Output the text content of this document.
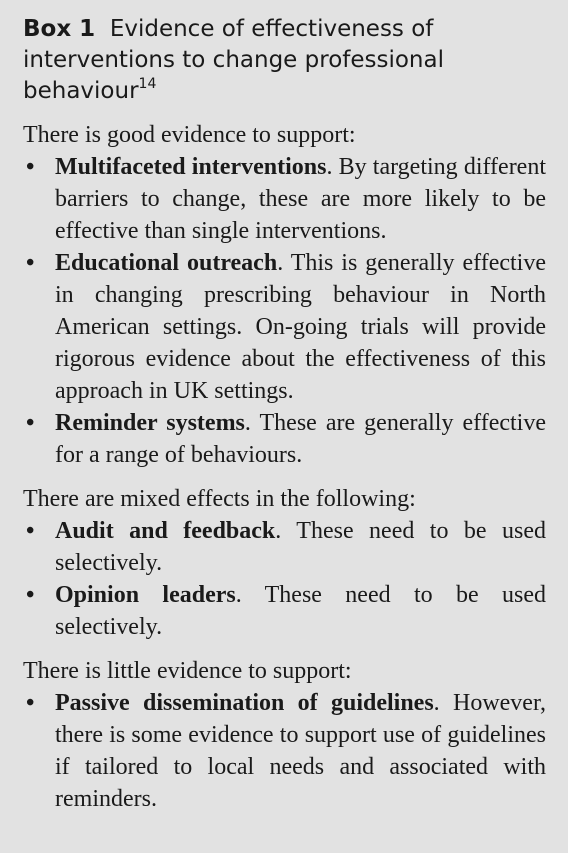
Box 1 Evidence of effectiveness of interventions to change professional behaviour$^{14}$

There is good evidence to support:

• Multifaceted interventions. By targeting different barriers to change, these are more likely to be effective than single interventions.
• Educational outreach. This is generally effective in changing prescribing behaviour in North American settings. On-going trials will provide rigorous evidence about the effectiveness of this approach in UK settings.
• Reminder systems. These are generally effective for a range of behaviours.

There are mixed effects in the following:

• Audit and feedback. These need to be used selectively.
• Opinion leaders. These need to be used selectively.

There is little evidence to support:

• Passive dissemination of guidelines. However, there is some evidence to support use of guidelines if tailored to local needs and associated with reminders.
